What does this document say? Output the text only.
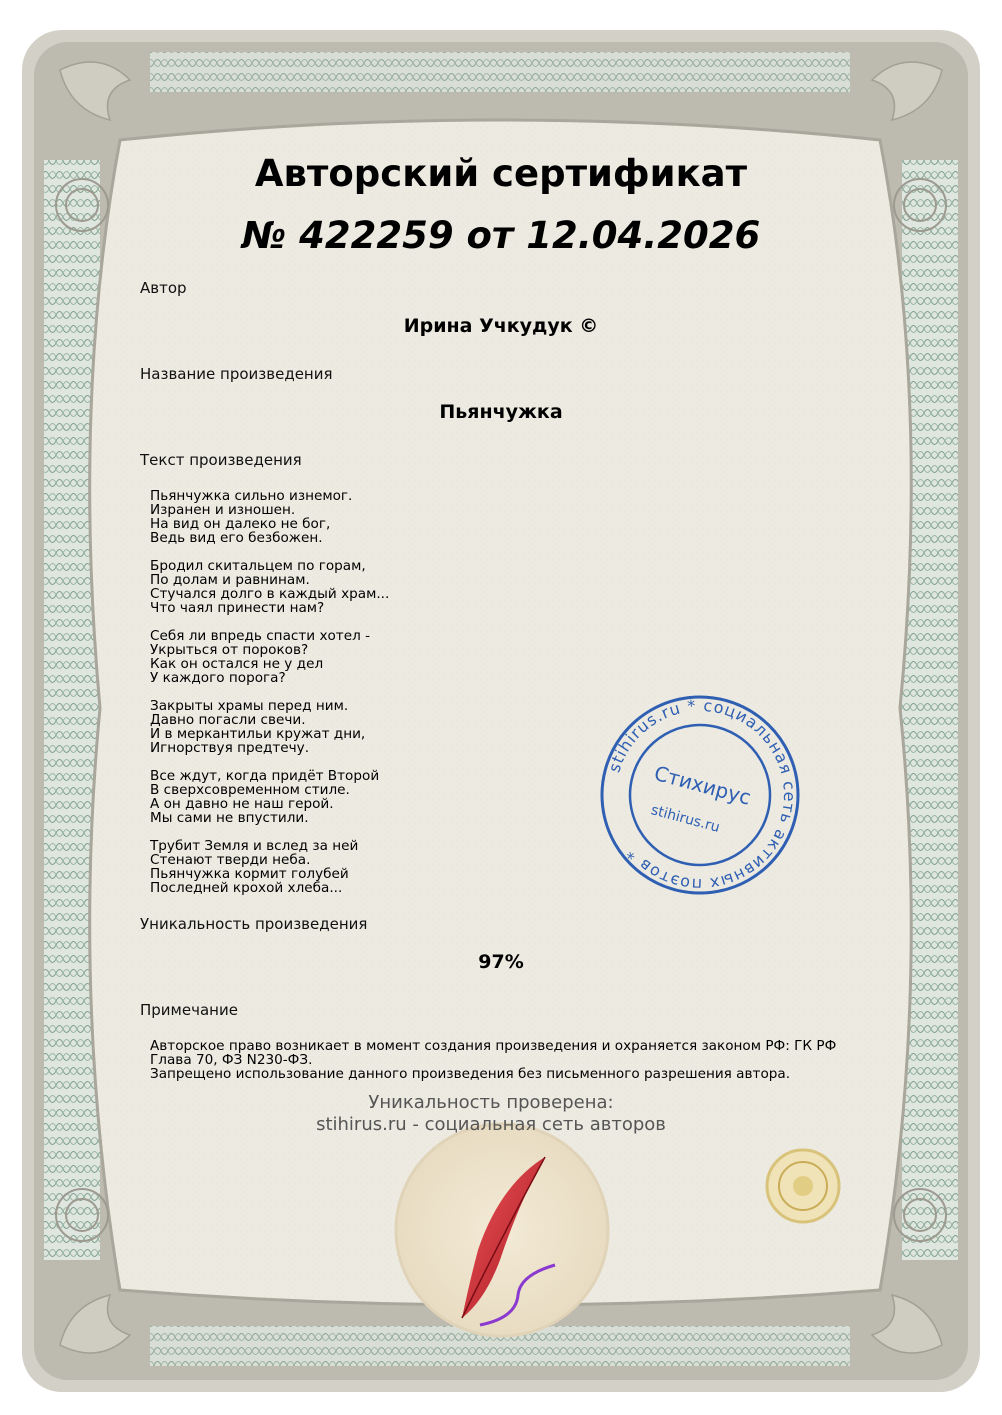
stihirus.ru * социальная сеть активных поэтов *
Стихирус
stihirus.ru
Авторский сертификат
№ 422259 от 12.04.2026
Автор
Ирина Учкудук ©
Название произведения
Пьянчужка
Текст произведения
Пьянчужка сильно изнемог.
Изранен и изношен.
На вид он далеко не бог,
Ведь вид его безбожен.
Бродил скитальцем по горам,
По долам и равнинам.
Стучался долго в каждый храм...
Что чаял принести нам?
Себя ли впредь спасти хотел -
Укрыться от пороков?
Как он остался не у дел
У каждого порога?
Закрыты храмы перед ним.
Давно погасли свечи.
И в меркантильи кружат дни,
Игнорствуя предтечу.
Все ждут, когда придёт Второй
В сверхсовременном стиле.
А он давно не наш герой.
Мы сами не впустили.
Трубит Земля и вслед за ней
Стенают тверди неба.
Пьянчужка кормит голубей
Последней крохой хлеба...
Уникальность произведения
97%
Примечание
Авторское право возникает в момент создания произведения и охраняется законом РФ: ГК РФ Глава 70, ФЗ N230-ФЗ.
Запрещено использование данного произведения без письменного разрешения автора.
Уникальность проверена:
stihirus.ru - социальная сеть авторов
